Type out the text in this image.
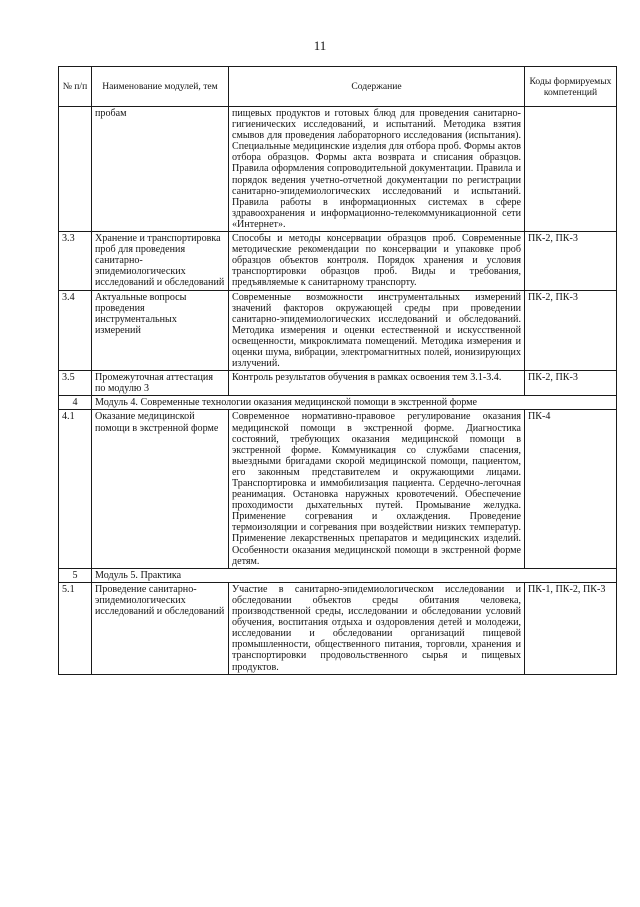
11
№ п/п	Наименование модулей, тем	Содержание	Коды формируемых компетенций
	пробам	пищевых продуктов и готовых блюд для проведения санитарно-гигиенических исследований, и испытаний. Методика взятия смывов для проведения лабораторного исследования (испытания). Специальные медицинские изделия для отбора проб. Формы актов отбора образцов. Формы акта возврата и списания образцов. Правила оформления сопроводительной документации. Правила и порядок ведения учетно-отчетной документации по регистрации санитарно-эпидемиологических исследований и испытаний. Правила работы в информационных системах в сфере здравоохранения и информационно-телекоммуникационной сети «Интернет».	
3.3	Хранение и транспортировка проб для проведения санитарно-эпидемиологических исследований и обследований	Способы и методы консервации образцов проб. Современные методические рекомендации по консервации и упаковке проб образцов объектов контроля. Порядок хранения и условия транспортировки образцов проб. Виды и требования, предъявляемые к санитарному транспорту.	ПК-2, ПК-3
3.4	Актуальные вопросы проведения инструментальных измерений	Современные возможности инструментальных измерений значений факторов окружающей среды при проведении санитарно-эпидемиологических исследований и обследований. Методика измерения и оценки естественной и искусственной освещенности, микроклимата помещений. Методика измерения и оценки шума, вибрации, электромагнитных полей, ионизирующих излучений.	ПК-2, ПК-3
3.5	Промежуточная аттестация по модулю 3	Контроль результатов обучения в рамках освоения тем 3.1-3.4.	ПК-2, ПК-3
4	Модуль 4. Современные технологии оказания медицинской помощи в экстренной форме		
4.1	Оказание медицинской помощи в экстренной форме	Современное нормативно-правовое регулирование оказания медицинской помощи в экстренной форме. Диагностика состояний, требующих оказания медицинской помощи в экстренной форме. Коммуникация со службами спасения, выездными бригадами скорой медицинской помощи, пациентом, его законным представителем и окружающими лицами. Транспортировка и иммобилизация пациента. Сердечно-легочная реанимация. Остановка наружных кровотечений. Обеспечение проходимости дыхательных путей. Промывание желудка. Применение согревания и охлаждения. Проведение термоизоляции и согревания при воздействии низких температур. Применение лекарственных препаратов и медицинских изделий. Особенности оказания медицинской помощи в экстренной форме детям.	ПК-4
5	Модуль 5. Практика		
5.1	Проведение санитарно-эпидемиологических исследований и обследований	Участие в санитарно-эпидемиологическом исследовании и обследовании объектов среды обитания человека, производственной среды, исследовании и обследовании условий обучения, воспитания отдыха и оздоровления детей и молодежи, исследовании и обследовании организаций пищевой промышленности, общественного питания, торговли, хранения и транспортировки продовольственного сырья и пищевых продуктов.	ПК-1, ПК-2, ПК-3
